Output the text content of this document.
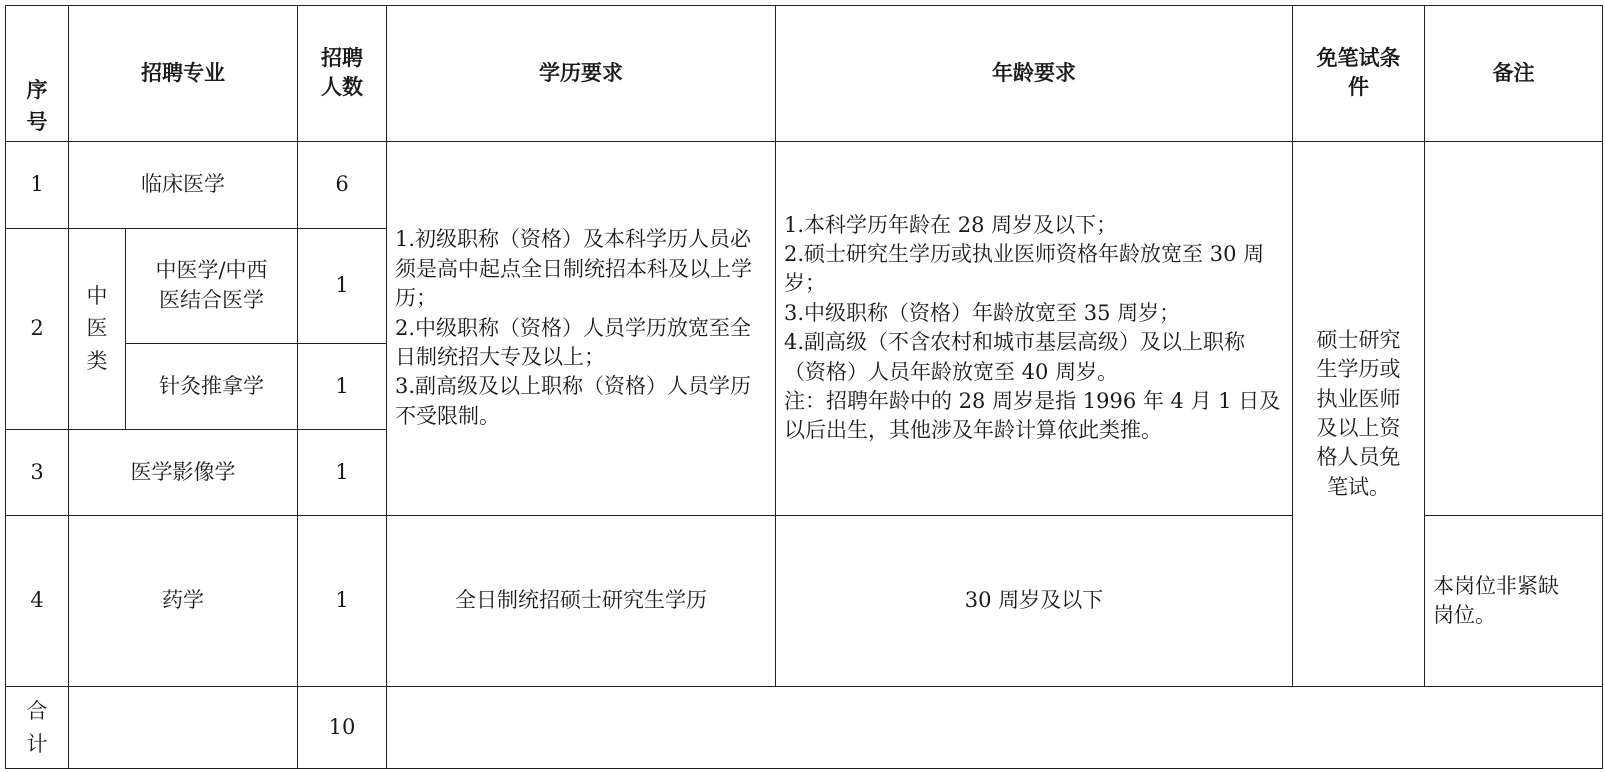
序号	招聘专业		招聘人数	学历要求	年龄要求	免笔试条件	备注
1	临床医学		6	1.初级职称（资格）及本科学历人员必须是高中起点全日制统招本科及以上学历；
2.中级职称（资格）人员学历放宽至全日制统招大专及以上；
3.副高级及以上职称（资格）人员学历不受限制。	1.本科学历年龄在 28 周岁及以下；
2.硕士研究生学历或执业医师资格年龄放宽至 30 周岁；
3.中级职称（资格）年龄放宽至 35 周岁；
4.副高级（不含农村和城市基层高级）及以上职称（资格）人员年龄放宽至 40 周岁。
注：招聘年龄中的 28 周岁是指 1996 年 4 月 1 日及以后出生，其他涉及年龄计算依此类推。	硕士研究生学历或执业医师及以上资格人员免笔试。	
2	中医类	中医学/中西医结合医学	1				
		针灸推拿学	1				
3	医学影像学		1				
4	药学		1	全日制统招硕士研究生学历	30 周岁及以下		本岗位非紧缺岗位。
合计			10				
